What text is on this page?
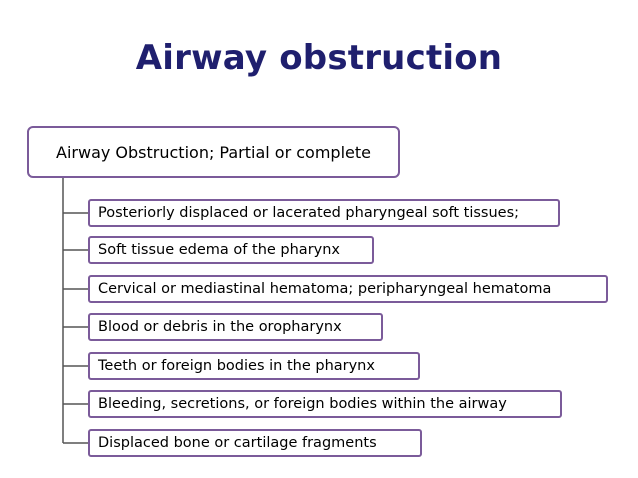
Airway obstruction
Airway Obstruction; Partial or complete
Posteriorly displaced or lacerated pharyngeal soft tissues;
Soft tissue edema of the pharynx
Cervical or mediastinal hematoma; peripharyngeal hematoma
Blood or debris in the oropharynx
Teeth or foreign bodies in the pharynx
Bleeding, secretions, or foreign bodies within the airway
Displaced bone or cartilage fragments
